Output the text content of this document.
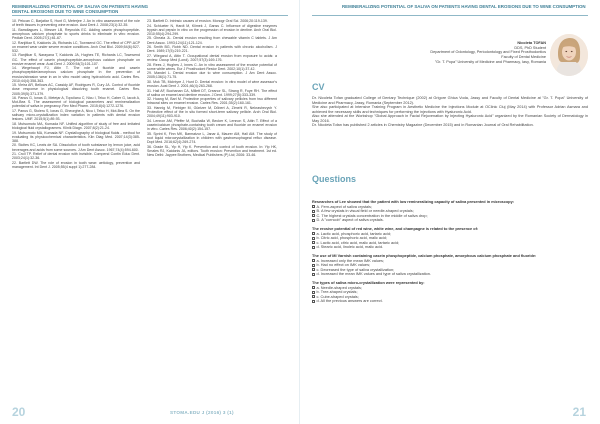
REMINERALIZING POTENTIAL OF SALIVA ON PATIENTS HAVING DENTAL EROSIONS DUE TO WINE CONSUMPTION
10. Pekcan C, Barjatiar S, Hunt G, Meterjee J. An in vitro assessment of the role of teeth tissues in preventing wine erosion. Aust Dent J. 2008;23(1):32-35.
11. Bamdlagues L, Messer LB, Reynolds EC. Adding casein phosphopeptide-amorphous calcium phosphate to sports drinks to eliminate in vitro erosion. Pediatr Dent. 2005;27(1):61-67.
12. Ranjitkar S, Kaidonis JA, Richards LC, Townsend GC. The effect of CPP-ACP on enamel wear under severe erosive conditions. Arch Oral Biol. 2009;54(6):527-532.
13. Ranjitkar S, Narayana T, Kaidonis JA, Hughes TE, Richards LC, Townsend GC. The effect of casein phosphopeptide-amorphous calcium phosphate on erosive enamel wear. Aust Dent J. 2009;54(3):101-107.
14. Wegehaupt FJ, Attin T. The role of fluoride and casein phosphopeptide/amorphous calcium phosphate in the prevention of erosion/abrasion wear in an in vitro model using hydrochloric acid. Caries Res. 2010;44(4):358-363.
15. Vieira AR, Bellows AC, Cassidy AF, Rodrigues R, Cury JA. Control of fluoride dose response in physiological dissolving tooth enamel. Caries Res. 2005;39(5):371-379.
16. Panus G, Ionas G, Meteţar A, Topciianu C, Nicu I, Teluc H, Caber G, Iacob A, Mot-Bea S. The assessment of biological parameters and remineralization potential of saliva in pregnancy. Rev Med Pharm. 2015;8(4):1272-1276.
17. Panus G, Stoleru S, Ionas G, Gheorghe A, Nicu I, Teluc H, Mot-Bea S. On the salivary micro-crystallization index variation in patients with dental erosion lesions. UMF. 2015;5(1):89-93.
18. Mutsumoto MA, Kumada NF. Unified algorithm of study of free and imitated biological fluid crystallogramms. Klinik Diagn. 2007;8(2):21-24.
19. Mutsumoto MA, Kumada NF. Crystallography of biological fluids - method for evaluating its physicochemical characteristics. Klin Diag Med. 2007;14(3):385-388.
20. Stoltes KC, Lewis de SA. Dissolution of tooth substance by lemon juice, acid beverages and acids from some sources. J Am Dent Assoc. 1967;74(4):594-600.
21. Croll TP. Relief of dental erosion with Invisible. Compend Contin Educ Dent. 2003;24(1):32-36.
22. Bartlett DW. The role of erosion in tooth wear: aetiology, prevention and management. Int Dent J. 2005;55(4 suppl 1):277-284.
23. Bartlett D. Intrinsic causes of erosion. Monogr Oral Sci. 2006;20:119-139.
24. Schlueter N, Hardt M, Klimek J, Ganss C. Influence of digestive enzymes trypsin and pepsin in vitro on the progression of erosion in dentine. Arch Oral Biol. 2010;55(4):294-299.
25. Gheata JL. Dental erosion resulting from chewable vitamin C tablets. J Am Dent Assoc. 1993;124(11):121-124.
26. Smith BG, Robb ND. Dental erosion in patients with chronic alcoholism. J Dent. 1989;17(5):219-221.
27. Wiegand A, Attin T. Occupational dental erosion from exposure to acids: a review. Occup Med (Lond). 2007;57(3):169-176.
28. Rees J, Hughes J, Innes C. An in vitro assessment of the erosive potential of some white wines. Eur J Prosthodont Restor Dent. 2002;10(1):37-42.
29. Mandel L. Dental erosion due to wine consumption. J Am Dent Assoc. 2005;136(1):71-75.
30. Mok TB, McIntyre J, Hunt D. Dental erosion: in vitro model of wine assessor's erosion. Aust Dent J. 2001;46(4):263-268.
31. Hall AF, Buchanan CA, Millett DT, Creanor SL, Strang R, Foye RH. The effect of saliva on enamel and dentine erosion. J Dent. 1999;27(5):333-339.
32. Huang M, Barl M. Protective properties of salivary pellicles from two different intraoral sites on enamel erosion. Caries Res. 2001;35(2):160-161.
33. Hannig M, Fiebiger M, Güntzer M, Döbert A, Zimehl R, Nekrashevych Y. Protective effect of the in situ formed short-term salivary pellicle. Arch Oral Biol. 2004;49(11):903-910.
34. Lennon AM, Pfeffer M, Buchalla W, Becker K, Lennon S, Attin T. Effect of a casein/calcium phosphate-containing tooth cream and fluoride on enamel erosion in vitro. Caries Res. 2006;40(2):154-157.
35. Sprint K, Finn MK, Barmatzur L, Janar A, Maurer AM, Hall AM. The study of root liquid microcrystallization in children with gastroesophageal reflux disease. Dopl Med. 2016;62(4):269-274.
36. Grade SL, Yip H, Yip K. Prevention and control of tooth erosion. In: Yip HK, Smales RJ, Kaidonis JA, editors. Tooth erosion: Prevention and treatment. 1st ed. New Delhi: Jaypee Brothers, Medical Publishers (P) Ltd; 2006: 33-46.
20	STOMA.EDU J (2016) 3 (1)
REMINERALIZING POTENTIAL OF SALIVA ON PATIENTS HAVING DENTAL EROSIONS DUE TO WINE CONSUMPTION
Nicoleta TOFAN
DDS, PhD Student
Department of Odontology, Periodontology and Fixed Prosthodontics
Faculty of Dental Medicine
"Gr. T. Popa" University of Medicine and Pharmacy, Iasy, Romania
CV

Dr. Nicoleta Tofan graduated College of Dentary Technique (2002) at Grigore Ghica Voda, Jassy and Faculty of Dental Medicine at "Gr. T. Popa" University of Medicine and Pharmacy, Jassy, Romania (September 2012).

She also participated at Intensive Training Program in Aesthetic Medicine the Injections Module at OClinic Cluj (May 2014) with Professor Adrian Asmara and achieved the necessary skills and techniques for performing the injections with Hyaluronic Acid.

Also she attended at the Workshop "Global Approach in Facial Rejuvenation by Injecting Hyaluronic Acid" organized by the Romanian Society of Dermatology in May 2016.

Dr. Nicoleta Tofan has published 2 articles in Chemistry Magazine (December 2015) and in Romanian Journal of Oral Rehabilitation.

Questions
Researches of Lee showed that the patient with low remineralizing capacity of saliva presented in microscopy:
A. Fern-aspect of saliva crystals;
B. A few crystals in visual field or needle-shaped crystals;
C. The highest crystals concentration in the middle of saliva drop;
D. A "corncob" aspect of saliva crystals.
The erosive potential of red wine, white wine, and champagne is related to the presence of:
a. Lactic acid, phosphoric acid, tartaric acid;
b. Citric acid, phosphoric acid, malic acid;
c. Lactic acid, citric acid, malic acid, tartaric acid;
d. Stearic acid, linoleic acid, malic acid.
The use of MI Varnish containing casein phosphopeptide, calcium phosphate, amorphous calcium phosphate and fluoride:
a. Increased only the mean IMK values;
b. Had no effect on IMK values;
c. Decreased the type of saliva crystallization;
d. Increased the mean IMK values and type of saliva crystallization.
The types of saliva micro-crystallization were represented by:
a. Needle-shaped crystals;
b. Tree-shaped crystals;
c. Cube-shaped crystals;
d. All the previous answers are correct.
21
